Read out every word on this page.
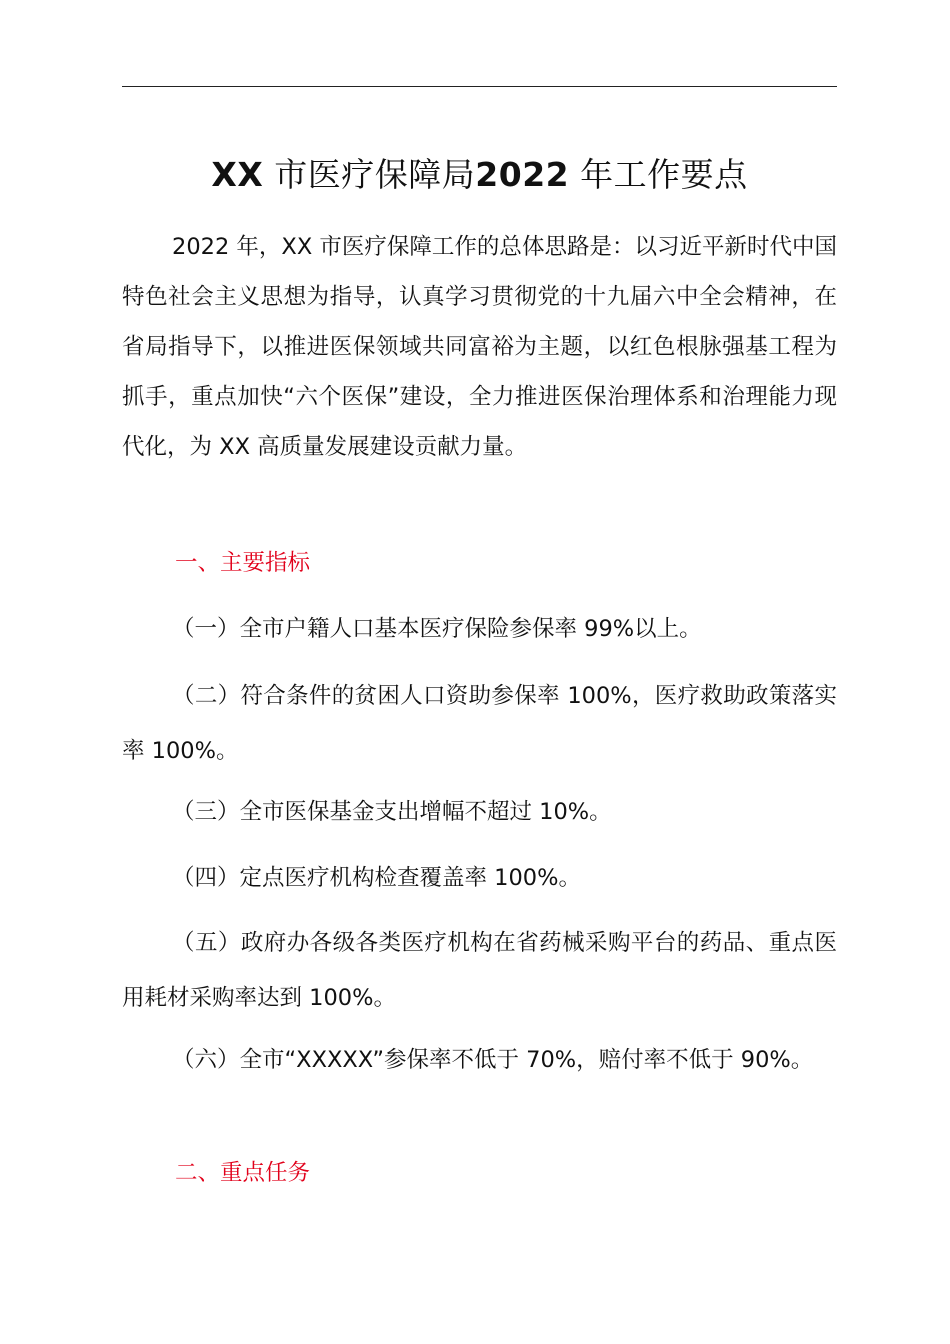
XX 市医疗保障局2022 年工作要点

2022 年，XX 市医疗保障工作的总体思路是：以习近平新时代中国特色社会主义思想为指导，认真学习贯彻党的十九届六中全会精神，在省局指导下，以推进医保领域共同富裕为主题，以红色根脉强基工程为抓手，重点加快“六个医保”建设，全力推进医保治理体系和治理能力现代化，为 XX 高质量发展建设贡献力量。

一、主要指标

（一）全市户籍人口基本医疗保险参保率 99%以上。

（二）符合条件的贫困人口资助参保率 100%，医疗救助政策落实率 100%。

（三）全市医保基金支出增幅不超过 10%。

（四）定点医疗机构检查覆盖率 100%。

（五）政府办各级各类医疗机构在省药械采购平台的药品、重点医用耗材采购率达到 100%。

（六）全市“XXXXX”参保率不低于 70%，赔付率不低于 90%。

二、重点任务
